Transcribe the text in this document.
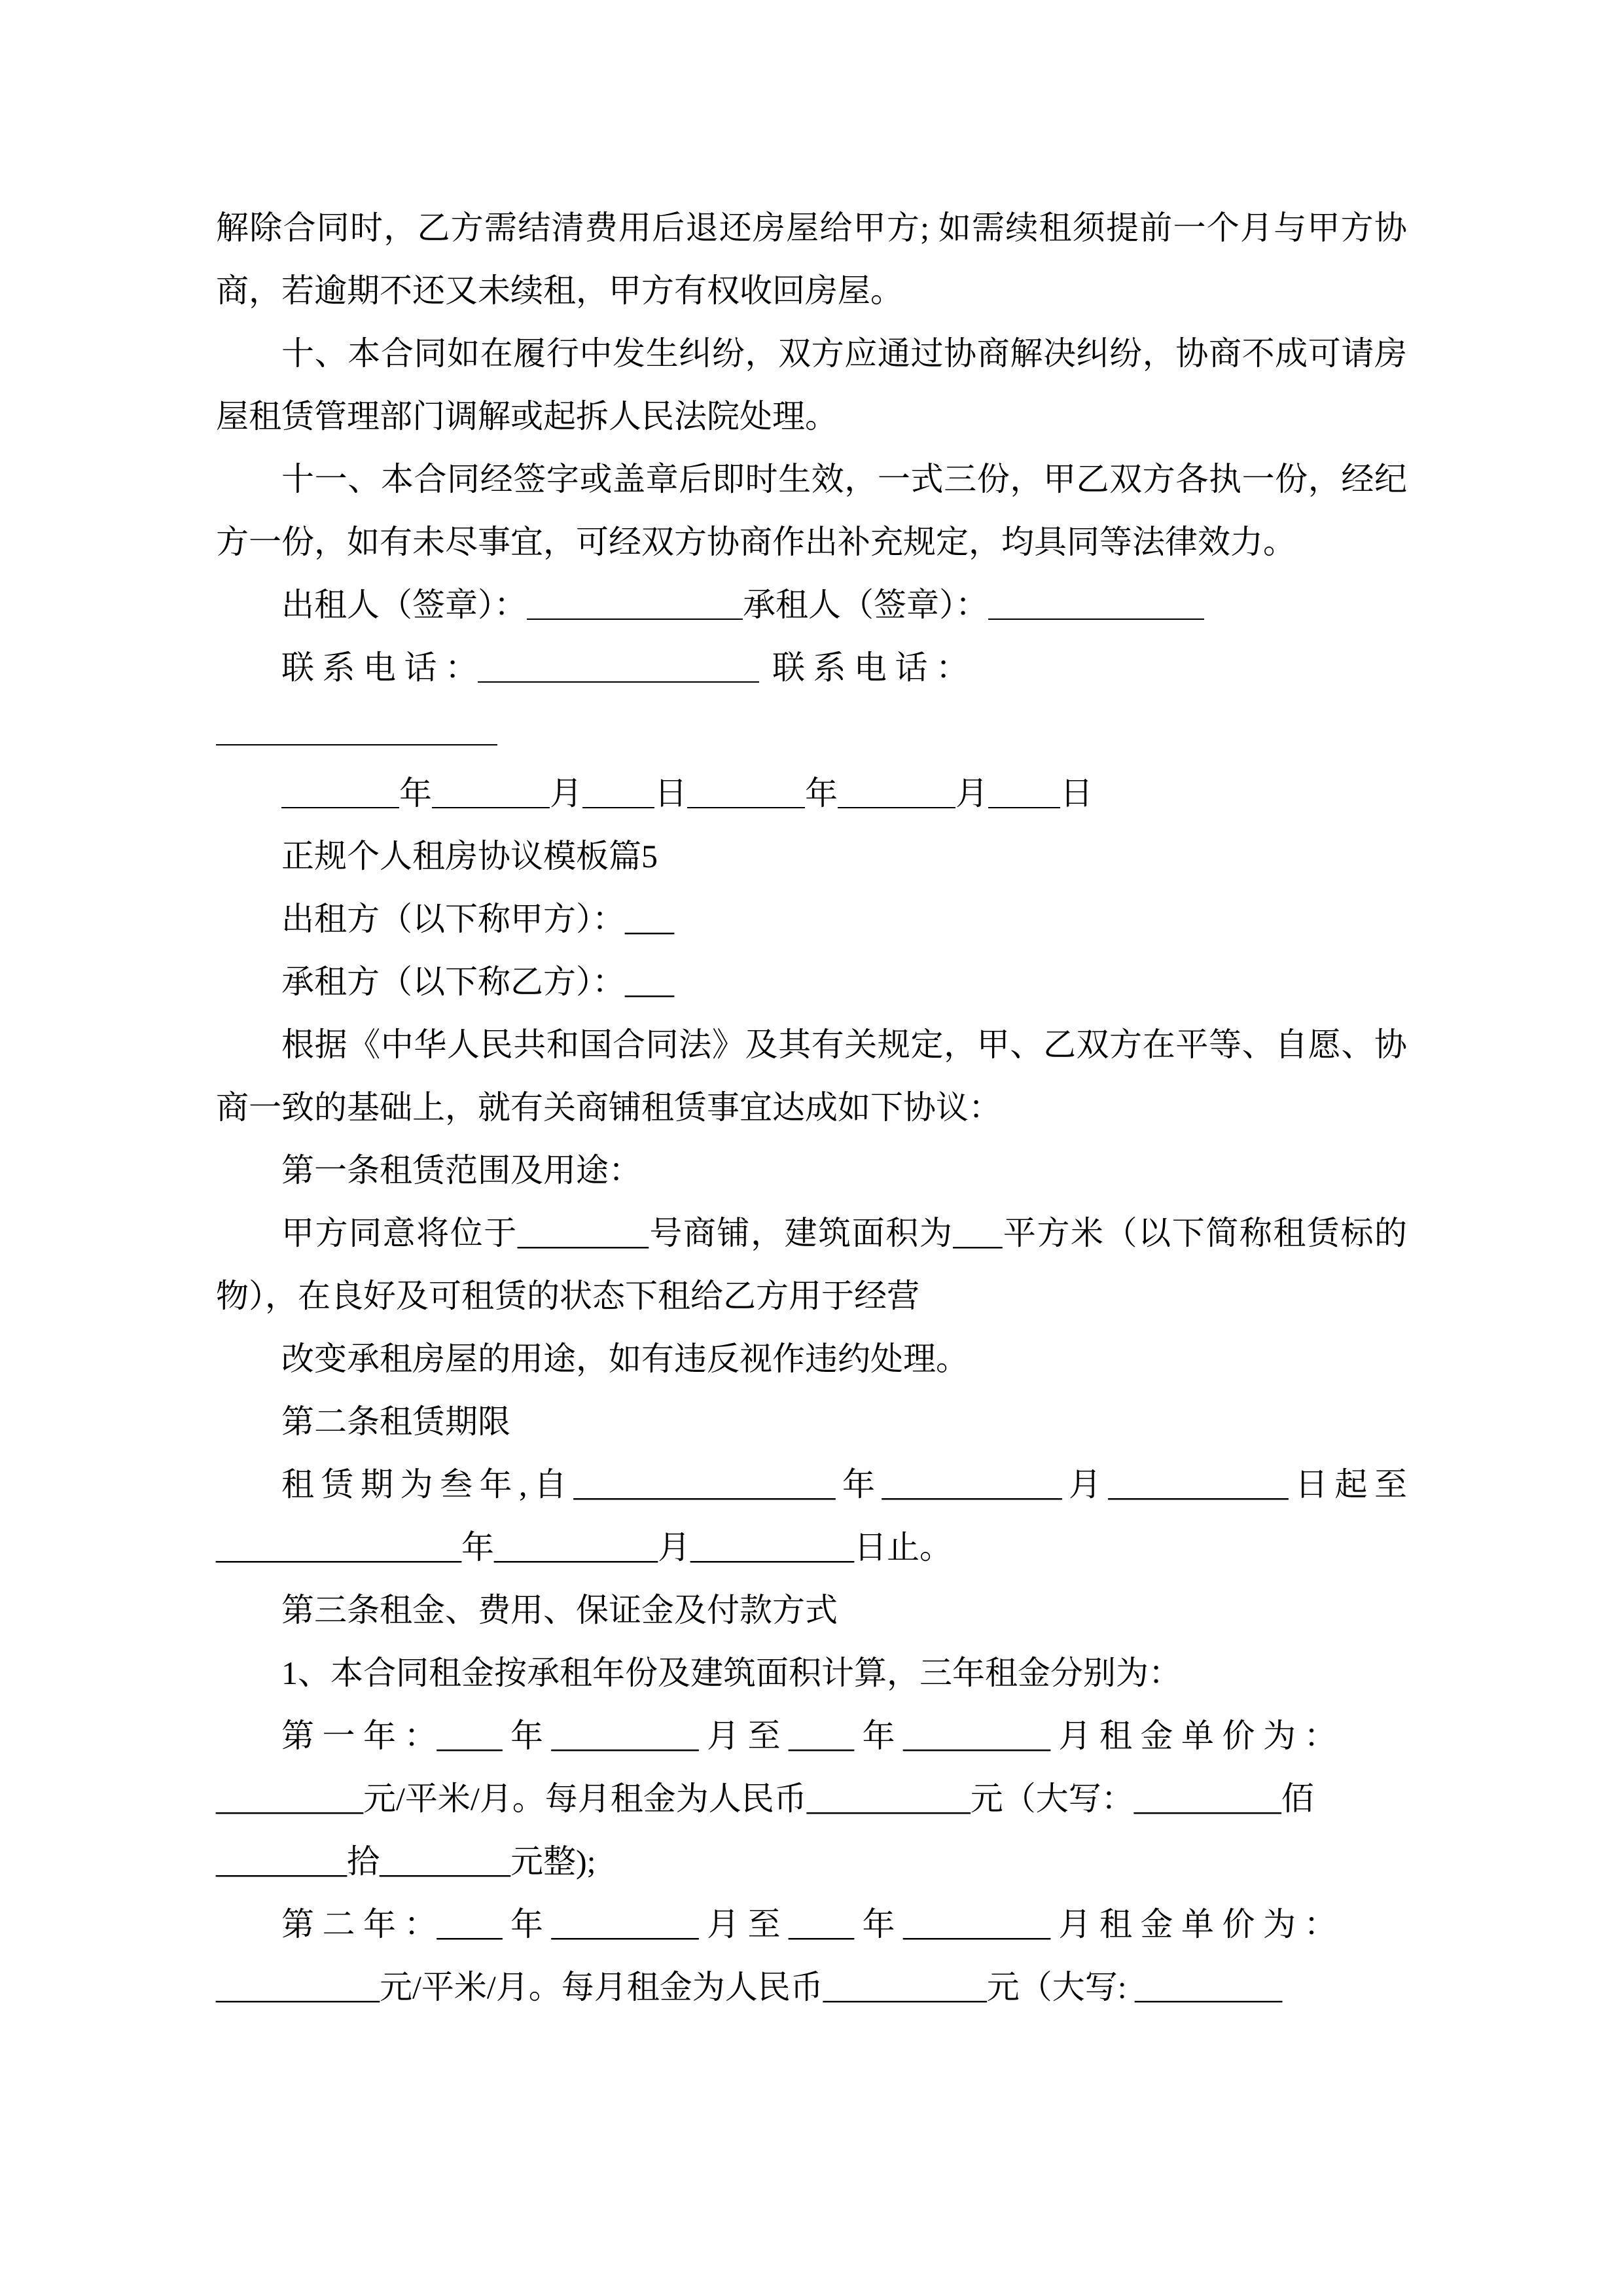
解除合同时，乙方需结清费用后退还房屋给甲方; 如需续租须提前一个月与甲方协商，若逾期不还又未续租，甲方有权收回房屋。

十、本合同如在履行中发生纠纷，双方应通过协商解决纠纷，协商不成可请房屋租赁管理部门调解或起拆人民法院处理。

十一、本合同经签字或盖章后即时生效，一式三份，甲乙双方各执一份，经纪方一份，如有未尽事宜，可经双方协商作出补充规定，均具同等法律效力。

出租人（签章）：	承租人（签章）：

联 系 电 话 ：	联 系 电 话 ：

年	月 日	年	月 日

正规个人租房协议模板篇5

出租方（以下称甲方）：___

承租方（以下称乙方）：___

根据《中华人民共和国合同法》及其有关规定，甲、乙双方在平等、自愿、协商一致的基础上，就有关商铺租赁事宜达成如下协议：

第一条租赁范围及用途：

甲方同意将位于________号商铺，建筑面积为___平方米（以下简称租赁标的物），在良好及可租赁的状态下租给乙方用于经营

改变承租房屋的用途，如有违反视作违约处理。

第二条租赁期限

租赁期为叁年,自________________年___________月___________日起至_______________年__________月__________日止。

第三条租金、费用、保证金及付款方式

1、本合同租金按承租年份及建筑面积计算，三年租金分别为：

第 一 年 ：____ 年 _________ 月 至 ____ 年 _________ 月 租 金 单 价 为 ：

_________元/平米/月。每月租金为人民币__________元（大写：_________佰

________拾________元整);

第 二 年 ：____ 年 _________ 月 至 ____ 年 _________ 月 租 金 单 价 为 ：

__________元/平米/月。每月租金为人民币__________元（大写: _________
